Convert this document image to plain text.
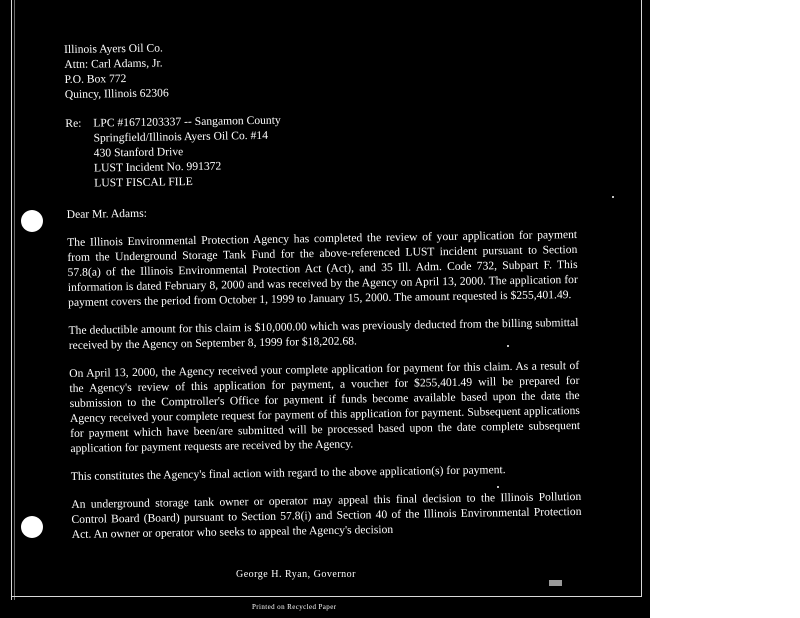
Illinois Ayers Oil Co.
Attn: Carl Adams, Jr.
P.O. Box 772
Quincy, Illinois 62306
Re:	LPC #1671203337 -- Sangamon County
Springfield/Illinois Ayers Oil Co. #14
430 Stanford Drive
LUST Incident No. 991372
LUST FISCAL FILE
Dear Mr. Adams:

The Illinois Environmental Protection Agency has completed the review of your application for payment from the Underground Storage Tank Fund for the above-referenced LUST incident pursuant to Section 57.8(a) of the Illinois Environmental Protection Act (Act), and 35 Ill. Adm. Code 732, Subpart F. This information is dated February 8, 2000 and was received by the Agency on April 13, 2000. The application for payment covers the period from October 1, 1999 to January 15, 2000. The amount requested is $255,401.49.

The deductible amount for this claim is $10,000.00 which was previously deducted from the billing submittal received by the Agency on September 8, 1999 for $18,202.68.

On April 13, 2000, the Agency received your complete application for payment for this claim. As a result of the Agency's review of this application for payment, a voucher for $255,401.49 will be prepared for submission to the Comptroller's Office for payment if funds become available based upon the date the Agency received your complete request for payment of this application for payment. Subsequent applications for payment which have been/are submitted will be processed based upon the date complete subsequent application for payment requests are received by the Agency.

This constitutes the Agency's final action with regard to the above application(s) for payment.

An underground storage tank owner or operator may appeal this final decision to the Illinois Pollution Control Board (Board) pursuant to Section 57.8(i) and Section 40 of the Illinois Environmental Protection Act. An owner or operator who seeks to appeal the Agency's decision

George H. Ryan, Governor
Printed on Recycled Paper
